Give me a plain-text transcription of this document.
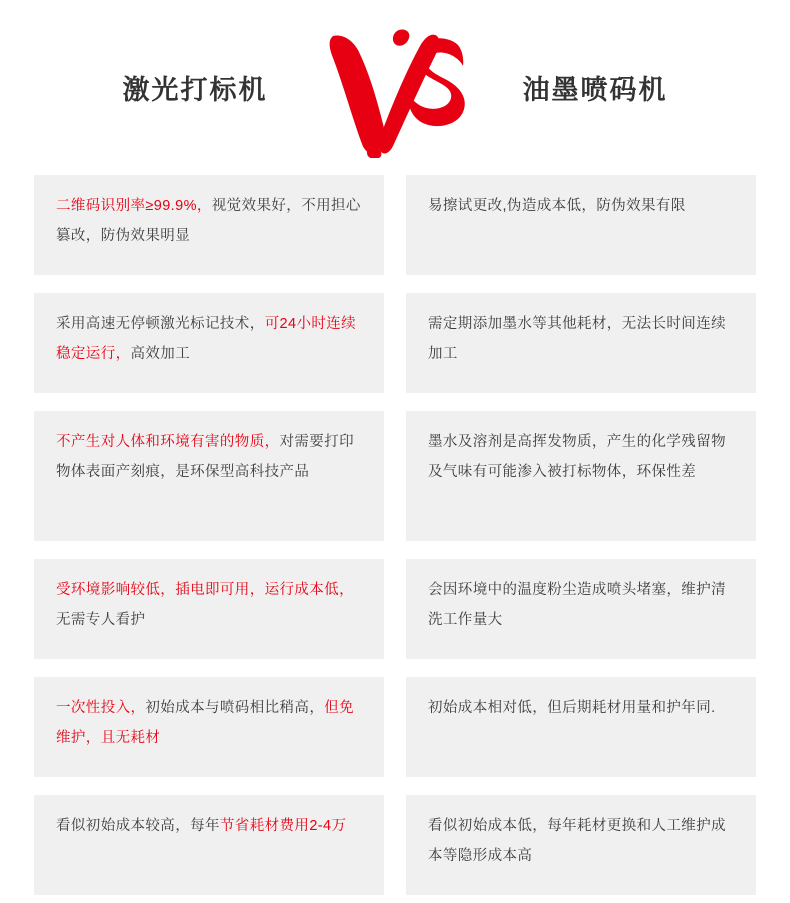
激光打标机	油墨喷码机

二维码识别率≥99.9%，视觉效果好，不用担心篡改，防伪效果明显

采用高速无停顿激光标记技术，可24小时连续稳定运行，高效加工

不产生对人体和环境有害的物质，对需要打印物体表面产刻痕，是环保型高科技产品

受环境影响较低，插电即可用，运行成本低，无需专人看护

一次性投入，初始成本与喷码相比稍高，但免维护，且无耗材

看似初始成本较高，每年节省耗材费用2-4万

易擦试更改,伪造成本低，防伪效果有限

需定期添加墨水等其他耗材，无法长时间连续加工

墨水及溶剂是高挥发物质，产生的化学残留物及气味有可能渗入被打标物体，环保性差

会因环境中的温度粉尘造成喷头堵塞，维护清洗工作量大

初始成本相对低，但后期耗材用量和护年同.

看似初始成本低，每年耗材更换和人工维护成本等隐形成本高
